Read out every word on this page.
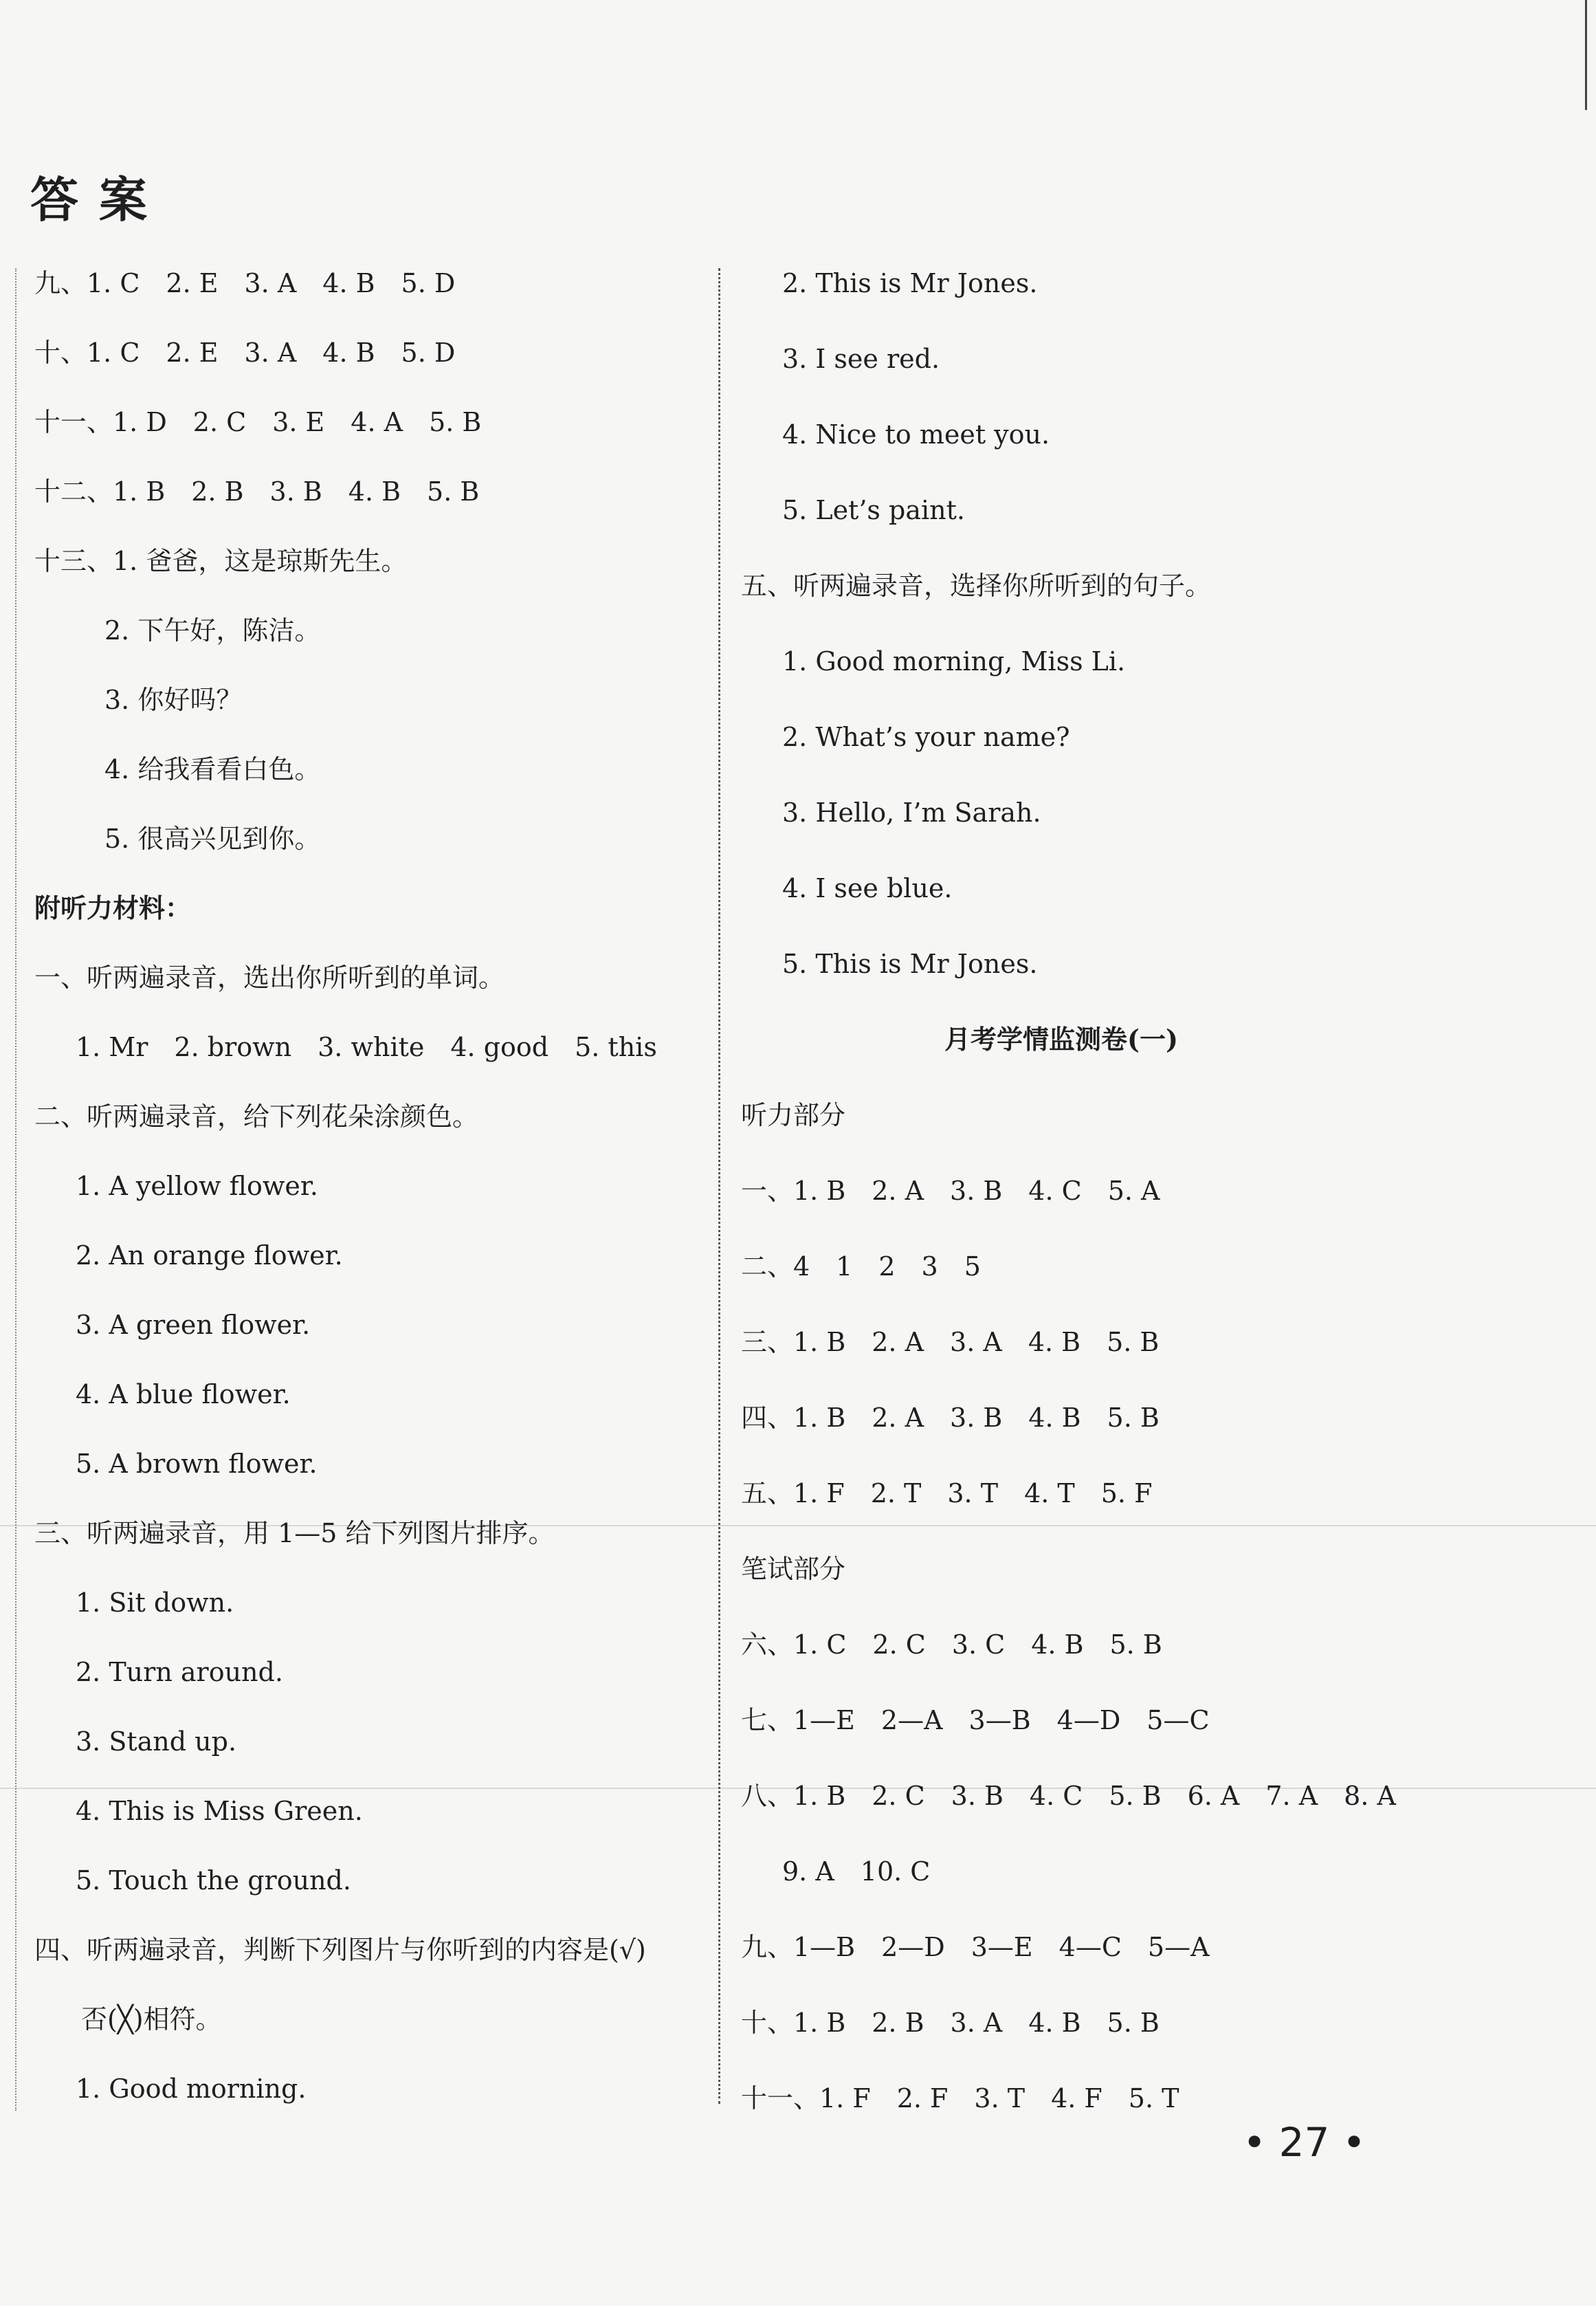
答案
九、1. C　2. E　3. A　4. B　5. D
十、1. C　2. E　3. A　4. B　5. D
十一、1. D　2. C　3. E　4. A　5. B
十二、1. B　2. B　3. B　4. B　5. B
十三、1. 爸爸，这是琼斯先生。
2. 下午好，陈洁。
3. 你好吗？
4. 给我看看白色。
5. 很高兴见到你。
附听力材料：
一、听两遍录音，选出你所听到的单词。
1. Mr　2. brown　3. white　4. good　5. this
二、听两遍录音，给下列花朵涂颜色。
1. A yellow flower.
2. An orange flower.
3. A green flower.
4. A blue flower.
5. A brown flower.
三、听两遍录音，用 1—5 给下列图片排序。
1. Sit down.
2. Turn around.
3. Stand up.
4. This is Miss Green.
5. Touch the ground.
四、听两遍录音，判断下列图片与你听到的内容是(√)
否(╳)相符。
1. Good morning.
2. This is Mr Jones.
3. I see red.
4. Nice to meet you.
5. Let’s paint.
五、听两遍录音，选择你所听到的句子。
1. Good morning, Miss Li.
2. What’s your name?
3. Hello, I’m Sarah.
4. I see blue.
5. This is Mr Jones.
月考学情监测卷(一)
听力部分
一、1. B　2. A　3. B　4. C　5. A
二、4　1　2　3　5
三、1. B　2. A　3. A　4. B　5. B
四、1. B　2. A　3. B　4. B　5. B
五、1. F　2. T　3. T　4. T　5. F
笔试部分
六、1. C　2. C　3. C　4. B　5. B
七、1—E　2—A　3—B　4—D　5—C
八、1. B　2. C　3. B　4. C　5. B　6. A　7. A　8. A
9. A　10. C
九、1—B　2—D　3—E　4—C　5—A
十、1. B　2. B　3. A　4. B　5. B
十一、1. F　2. F　3. T　4. F　5. T
• 27 •
